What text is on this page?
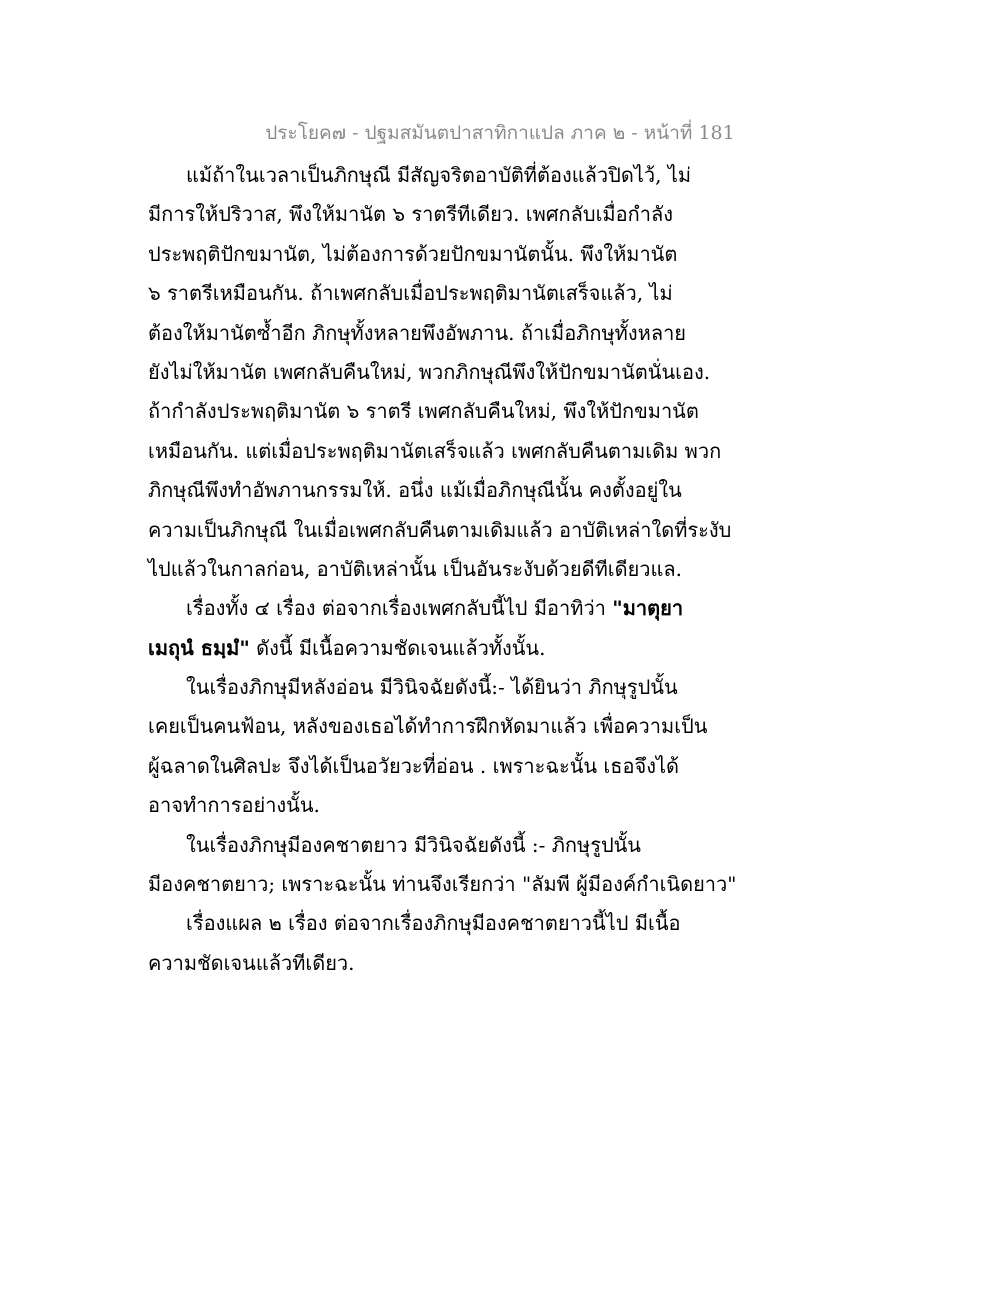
ประโยค๗ - ปฐมสมันตปาสาทิกาแปล ภาค ๒ - หน้าที่ 181
แม้ถ้าในเวลาเป็นภิกษุณี มีสัญจริตอาบัติที่ต้องแล้วปิดไว้, ไม่
มีการให้ปริวาส, พึงให้มานัต ๖ ราตรีทีเดียว. เพศกลับเมื่อกำลัง
ประพฤติปักขมานัต, ไม่ต้องการด้วยปักขมานัตนั้น. พึงให้มานัต
๖ ราตรีเหมือนกัน. ถ้าเพศกลับเมื่อประพฤติมานัตเสร็จแล้ว, ไม่
ต้องให้มานัตซ้ำอีก ภิกษุทั้งหลายพึงอัพภาน. ถ้าเมื่อภิกษุทั้งหลาย
ยังไม่ให้มานัต เพศกลับคืนใหม่, พวกภิกษุณีพึงให้ปักขมานัตนั่นเอง.
ถ้ากำลังประพฤติมานัต ๖ ราตรี เพศกลับคืนใหม่, พึงให้ปักขมานัต
เหมือนกัน. แต่เมื่อประพฤติมานัตเสร็จแล้ว เพศกลับคืนตามเดิม พวก
ภิกษุณีพึงทำอัพภานกรรมให้. อนึ่ง แม้เมื่อภิกษุณีนั้น คงตั้งอยู่ใน
ความเป็นภิกษุณี ในเมื่อเพศกลับคืนตามเดิมแล้ว อาบัติเหล่าใดที่ระงับ
ไปแล้วในกาลก่อน, อาบัติเหล่านั้น เป็นอันระงับด้วยดีทีเดียวแล.
เรื่องทั้ง ๔ เรื่อง ต่อจากเรื่องเพศกลับนี้ไป มีอาทิว่า "มาตุยา
เมถุนํ ธมฺมํ" ดังนี้ มีเนื้อความชัดเจนแล้วทั้งนั้น.
ในเรื่องภิกษุมีหลังอ่อน มีวินิจฉัยดังนี้:- ได้ยินว่า ภิกษุรูปนั้น
เคยเป็นคนฟ้อน, หลังของเธอได้ทำการฝึกหัดมาแล้ว เพื่อความเป็น
ผู้ฉลาดในศิลปะ จึงได้เป็นอวัยวะที่อ่อน . เพราะฉะนั้น เธอจึงได้
อาจทำการอย่างนั้น.
ในเรื่องภิกษุมีองคชาตยาว มีวินิจฉัยดังนี้ :- ภิกษุรูปนั้น
มีองคชาตยาว; เพราะฉะนั้น ท่านจึงเรียกว่า "ลัมพี ผู้มีองค์กำเนิดยาว"
เรื่องแผล ๒ เรื่อง ต่อจากเรื่องภิกษุมีองคชาตยาวนี้ไป มีเนื้อ
ความชัดเจนแล้วทีเดียว.
